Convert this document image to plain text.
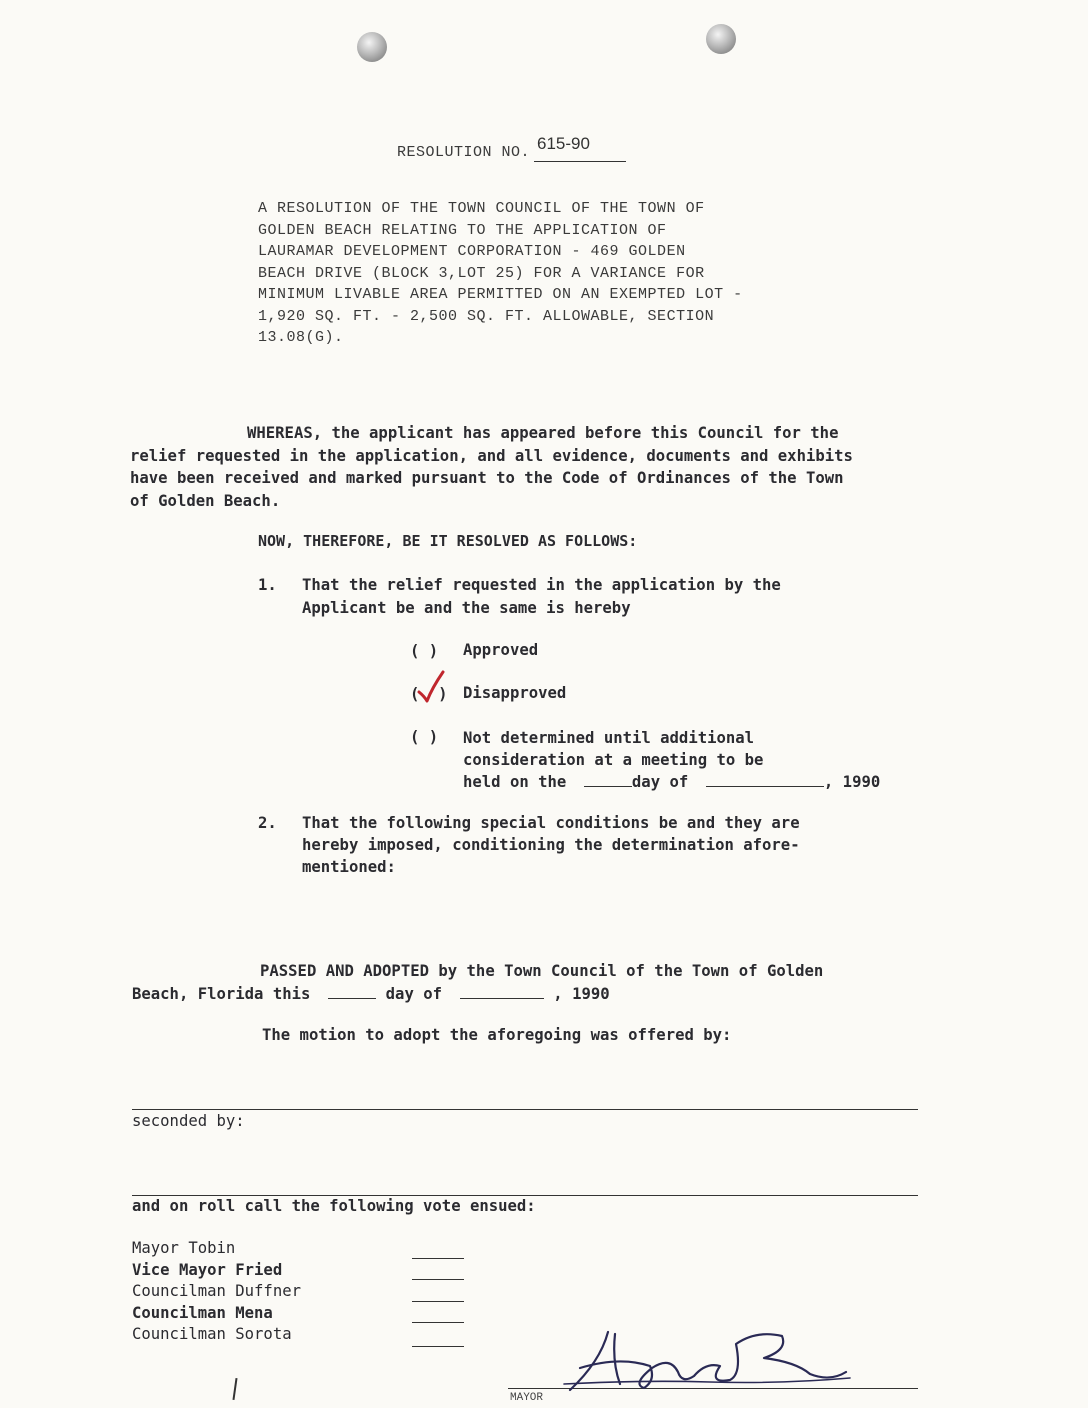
RESOLUTION NO. 615-90
A RESOLUTION OF THE TOWN COUNCIL OF THE TOWN OF
GOLDEN BEACH RELATING TO THE APPLICATION OF
LAURAMAR DEVELOPMENT CORPORATION - 469 GOLDEN
BEACH DRIVE (BLOCK 3,LOT 25) FOR A VARIANCE FOR
MINIMUM LIVABLE AREA PERMITTED ON AN EXEMPTED LOT -
1,920 SQ. FT. - 2,500 SQ. FT. ALLOWABLE, SECTION
13.08(G).
WHEREAS, the applicant has appeared before this Council for the
relief requested in the application, and all evidence, documents and exhibits
have been received and marked pursuant to the Code of Ordinances of the Town
of Golden Beach.
NOW, THEREFORE, BE IT RESOLVED AS FOLLOWS:
1. That the relief requested in the application by the
Applicant be and the same is hereby
( ) Approved
(  ) Disapproved
( ) Not determined until additional
consideration at a meeting to be
held on the	day of	, 1990
2. That the following special conditions be and they are
hereby imposed, conditioning the determination afore-
mentioned:
PASSED AND ADOPTED by the Town Council of the Town of Golden
Beach, Florida this	day of	, 1990
The motion to adopt the aforegoing was offered by:
seconded by:
and on roll call the following vote ensued:
Mayor Tobin
Vice Mayor Fried
Councilman Duffner
Councilman Mena
Councilman Sorota
MAYOR
